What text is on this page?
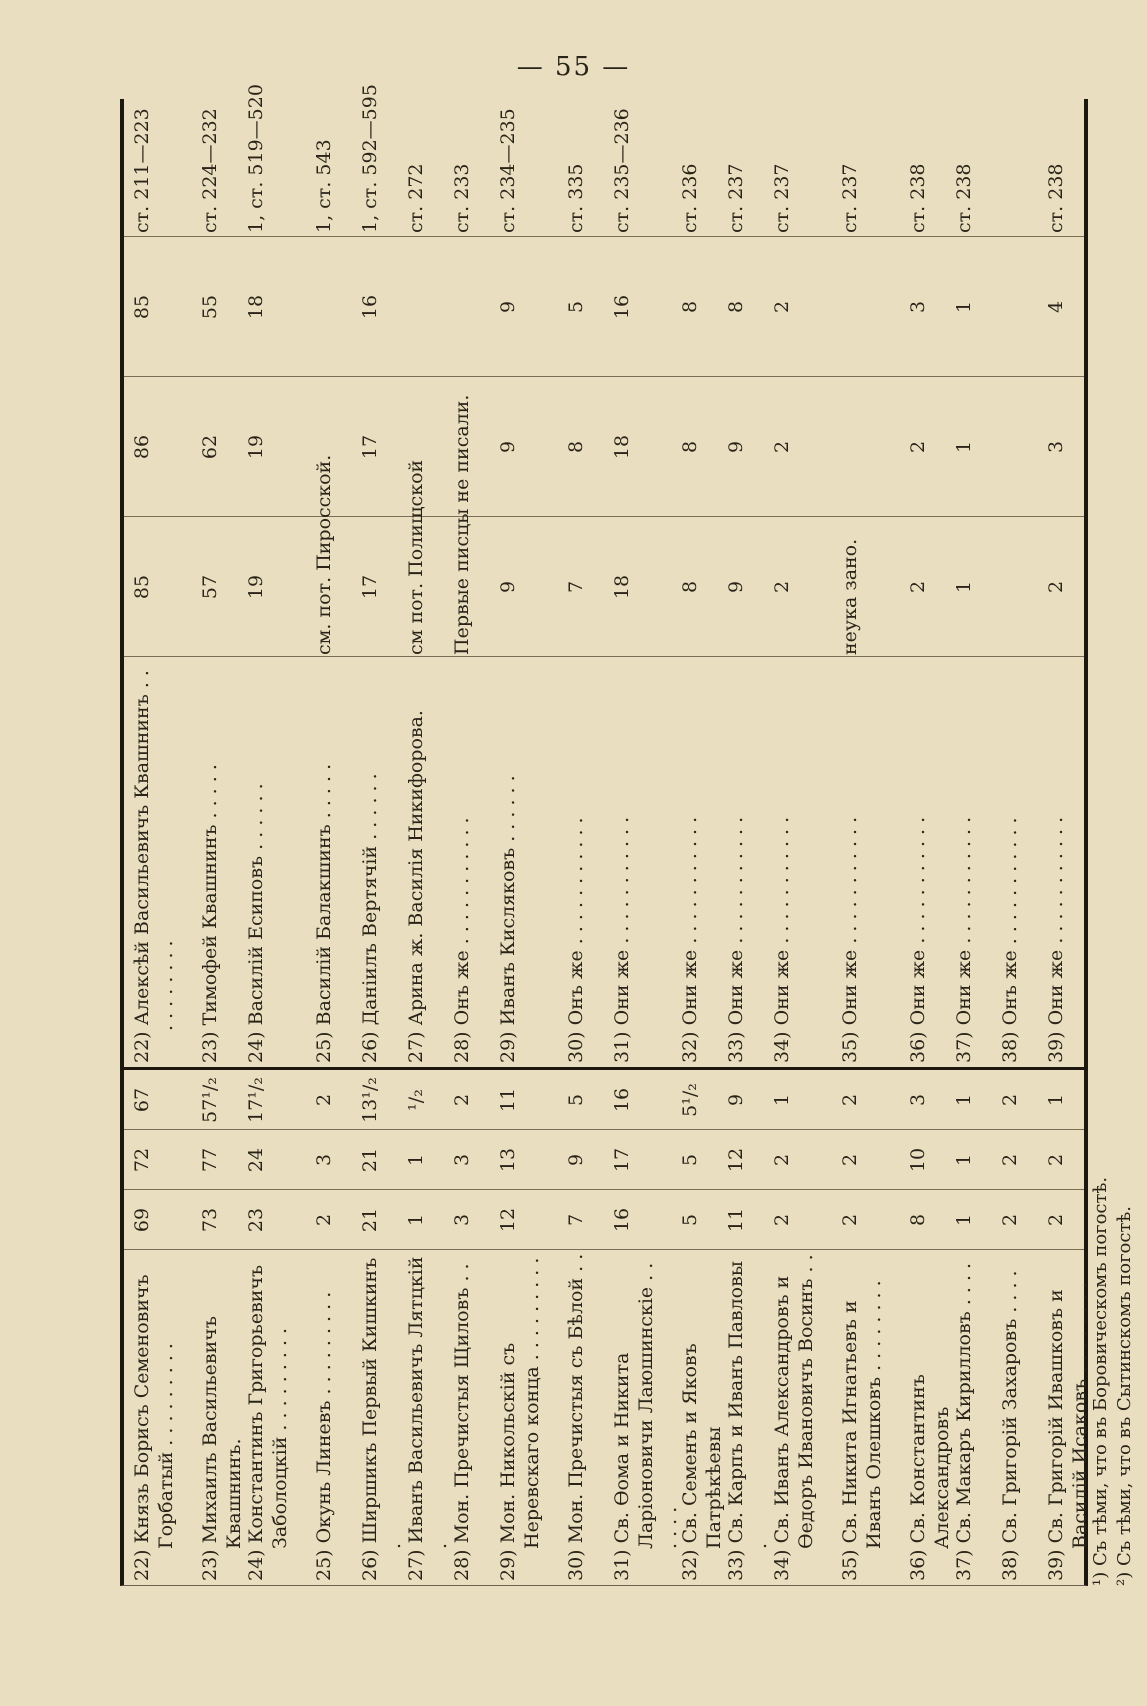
— 55 —
22) Князь Борисъ Семеновичъ Горбатый . . . . . . . . .
69
72
67
22) Алексѣй Васильевичъ Квашнинъ . . . . . . . . . .
85
86
85
ст. 211—223
23) Михаилъ Васильевичъ Квашнинъ.
73
77
57¹/₂
23) Тимофей Квашнинъ . . . . .
57
62
55
ст. 224—232
24) Константинъ Григорьевичъ Заболоцкій . . . . . . . . .
23
24
17¹/₂
24) Василій Есиповъ . . . . . .
19
19
18
1, ст. 519—520
25) Окунь Линевъ . . . . . . . . .
2
3
2
25) Василій Балакшинъ . . . . .
см. пот. Пиросской.
1, ст. 543
26) Ширшикъ Первый Кишкинъ .
21
21
13¹/₂
26) Даніилъ Вертячій . . . . . .
17
17
16
1, ст. 592—595
27) Иванъ Васильевичъ Лятцкій .
1
1
¹/₂
27) Арина ж. Василія Никифорова.
см пот. Полищской
ст. 272
28) Мон. Пречистыя Щиловъ . .
3
3
2
28) Онъ же . . . . . . . . . . .
Первые писцы не писали.
ст. 233
29) Мон. Никольскій съ Неревскаго конца . . . . . . . . .
12
13
11
29) Иванъ Кисляковъ . . . . . .
9
9
9
ст. 234—235
30) Мон. Пречистыя съ Бѣлой . .
7
9
5
30) Онъ же . . . . . . . . . . .
7
8
5
ст. 335
31) Св. Ѳома и Никита Ларіоновичи Лаюшинскіе . . . . . .
16
17
16
31) Они же . . . . . . . . . . .
18
18
16
ст. 235—236
32) Св. Семенъ и Яковъ Патрѣкѣевы
5
5
5¹/₂
32) Они же . . . . . . . . . . .
8
8
8
ст. 236
33) Св. Карпъ и Иванъ Павловы .
11
12
9
33) Они же . . . . . . . . . . .
9
9
8
ст. 237
34) Св. Иванъ Александровъ и Ѳедоръ Ивановичъ Восинъ . .
2
2
1
34) Они же . . . . . . . . . . .
2
2
2
ст. 237
35) Св. Никита Игнатьевъ и Иванъ Олешковъ . . . . . . . .
2
2
2
35) Они же . . . . . . . . . . .
неука зано.
ст. 237
36) Св. Константинъ Александровъ
8
10
3
36) Они же . . . . . . . . . . .
2
2
3
ст. 238
37) Св. Макаръ Кирилловъ . . . .
1
1
1
37) Они же . . . . . . . . . . .
1
1
1
ст. 238
38) Св. Григорій Захаровъ . . . .
2
2
2
38) Онъ же . . . . . . . . . . .
39) Св. Григорій Ивашковъ и Василій Исаковъ . . . . . . . .
2
2
1
39) Они же . . . . . . . . . . .
2
3
4
ст. 238
¹) Съ тѣми, что въ Боровическомъ погостѣ. ²) Съ тѣми, что въ Сытинскомъ погостѣ.
